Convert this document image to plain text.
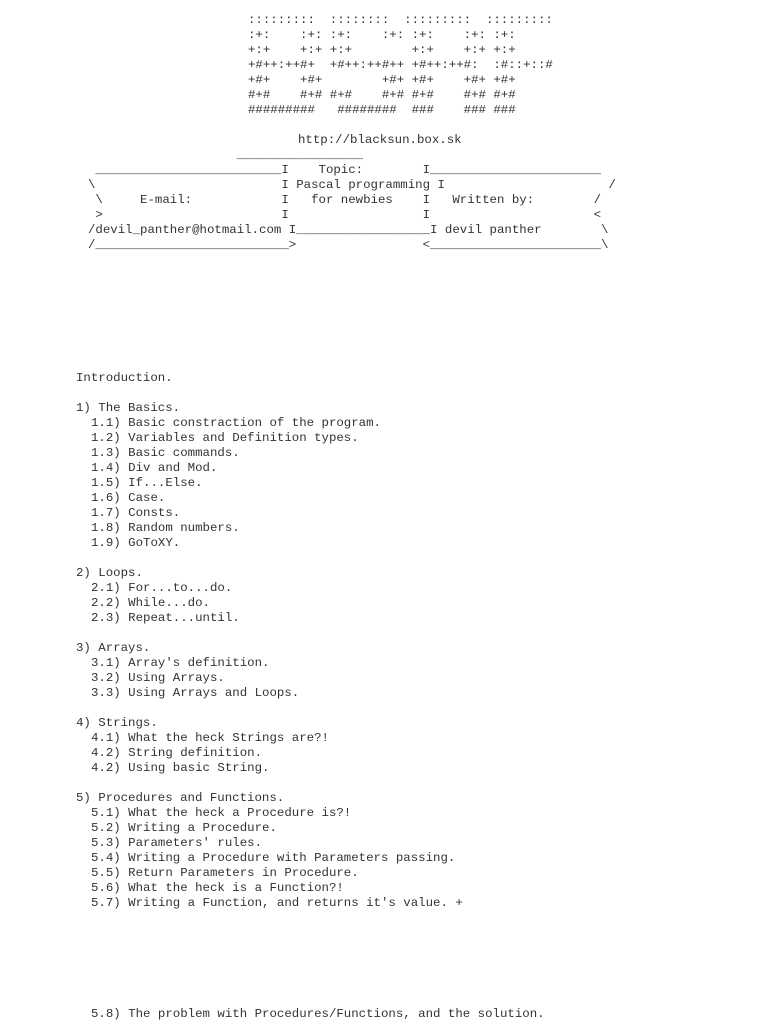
:::::::::  ::::::::  :::::::::  :::::::::
:+:    :+: :+:    :+: :+:    :+: :+:
+:+    +:+ +:+        +:+    +:+ +:+
+#++:++#+  +#++:++#++ +#++:++#:  :#::+::#
+#+    +#+        +#+ +#+    +#+ +#+
#+#    #+# #+#    #+# #+#    #+# #+#
#########   ########  ###    ### ###
http://blacksun.box.sk
_________________
_________________________I    Topic:        I_______________________
\                         I Pascal programming I                      /
\     E-mail:            I   for newbies    I   Written by:        /
>                        I                  I                      <
/devil_panther@hotmail.com I__________________I devil panther        \
/__________________________>                 <_______________________\
Introduction.
1) The Basics.
1.1) Basic constraction of the program.
1.2) Variables and Definition types.
1.3) Basic commands.
1.4) Div and Mod.
1.5) If...Else.
1.6) Case.
1.7) Consts.
1.8) Random numbers.
1.9) GoToXY.
2) Loops.
2.1) For...to...do.
2.2) While...do.
2.3) Repeat...until.
3) Arrays.
3.1) Array's definition.
3.2) Using Arrays.
3.3) Using Arrays and Loops.
4) Strings.
4.1) What the heck Strings are?!
4.2) String definition.
4.2) Using basic String.
5) Procedures and Functions.
5.1) What the heck a Procedure is?!
5.2) Writing a Procedure.
5.3) Parameters' rules.
5.4) Writing a Procedure with Parameters passing.
5.5) Return Parameters in Procedure.
5.6) What the heck is a Function?!
5.7) Writing a Function, and returns it's value. +
5.8) The problem with Procedures/Functions, and the solution.
